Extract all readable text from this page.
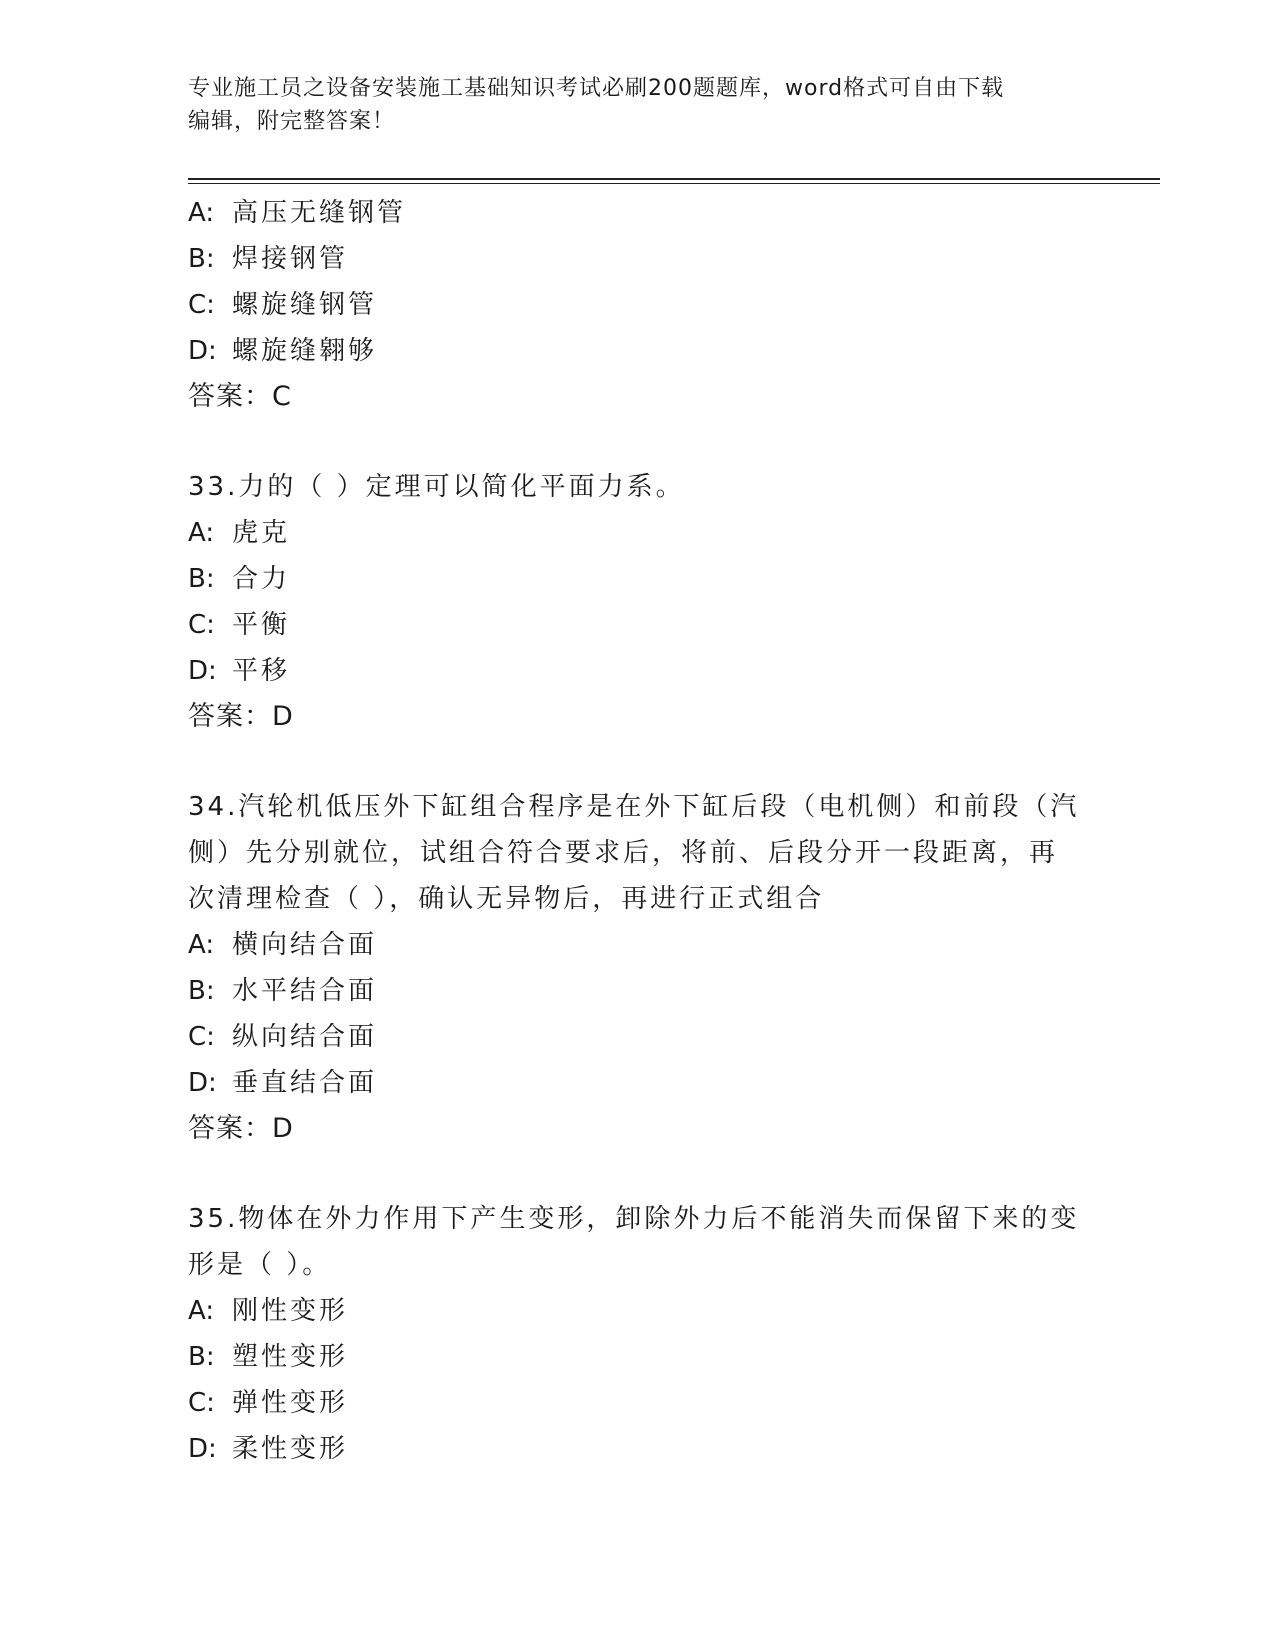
专业施工员之设备安装施工基础知识考试必刷200题题库，word格式可自由下载
编辑，附完整答案！
A: 高压无缝钢管
B: 焊接钢管
C: 螺旋缝钢管
D: 螺旋缝翱够
答案：C
33.力的（ ）定理可以简化平面力系。
A: 虎克
B: 合力
C: 平衡
D: 平移
答案：D
34.汽轮机低压外下缸组合程序是在外下缸后段（电机侧）和前段（汽
侧）先分别就位，试组合符合要求后，将前、后段分开一段距离，再
次清理检查（ ），确认无异物后，再进行正式组合
A: 横向结合面
B: 水平结合面
C: 纵向结合面
D: 垂直结合面
答案：D
35.物体在外力作用下产生变形，卸除外力后不能消失而保留下来的变
形是（ ）。
A: 刚性变形
B: 塑性变形
C: 弹性变形
D: 柔性变形
